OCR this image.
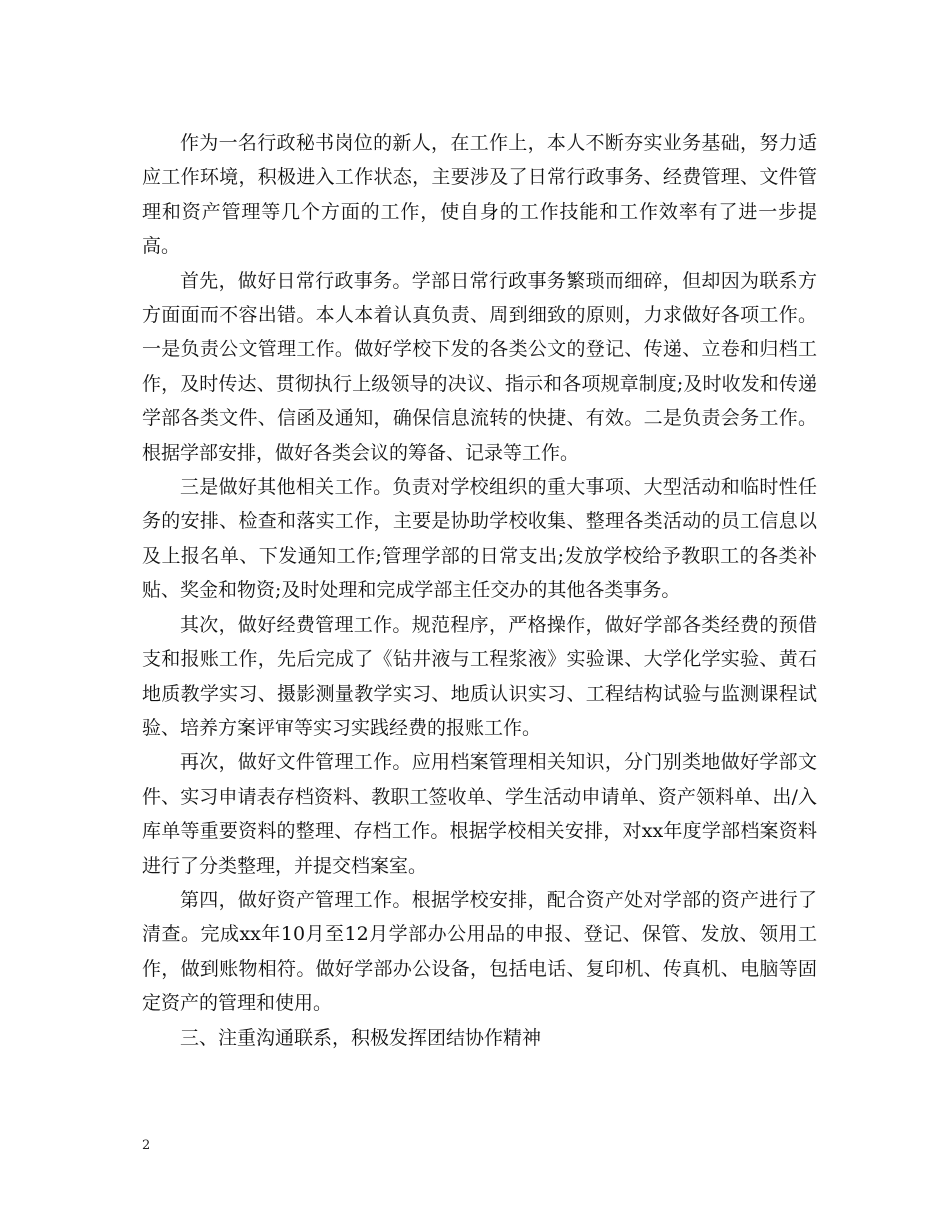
作为一名行政秘书岗位的新人，在工作上，本人不断夯实业务基础，努力适应工作环境，积极进入工作状态，主要涉及了日常行政事务、经费管理、文件管理和资产管理等几个方面的工作，使自身的工作技能和工作效率有了进一步提高。

首先，做好日常行政事务。学部日常行政事务繁琐而细碎，但却因为联系方方面面而不容出错。本人本着认真负责、周到细致的原则，力求做好各项工作。一是负责公文管理工作。做好学校下发的各类公文的登记、传递、立卷和归档工作，及时传达、贯彻执行上级领导的决议、指示和各项规章制度;及时收发和传递学部各类文件、信函及通知，确保信息流转的快捷、有效。二是负责会务工作。根据学部安排，做好各类会议的筹备、记录等工作。

三是做好其他相关工作。负责对学校组织的重大事项、大型活动和临时性任务的安排、检查和落实工作，主要是协助学校收集、整理各类活动的员工信息以及上报名单、下发通知工作;管理学部的日常支出;发放学校给予教职工的各类补贴、奖金和物资;及时处理和完成学部主任交办的其他各类事务。

其次，做好经费管理工作。规范程序，严格操作，做好学部各类经费的预借支和报账工作，先后完成了《钻井液与工程浆液》实验课、大学化学实验、黄石地质教学实习、摄影测量教学实习、地质认识实习、工程结构试验与监测课程试验、培养方案评审等实习实践经费的报账工作。

再次，做好文件管理工作。应用档案管理相关知识，分门别类地做好学部文件、实习申请表存档资料、教职工签收单、学生活动申请单、资产领料单、出/入库单等重要资料的整理、存档工作。根据学校相关安排，对xx年度学部档案资料进行了分类整理，并提交档案室。

第四，做好资产管理工作。根据学校安排，配合资产处对学部的资产进行了清查。完成xx年10月至12月学部办公用品的申报、登记、保管、发放、领用工作，做到账物相符。做好学部办公设备，包括电话、复印机、传真机、电脑等固定资产的管理和使用。

三、注重沟通联系，积极发挥团结协作精神

2
